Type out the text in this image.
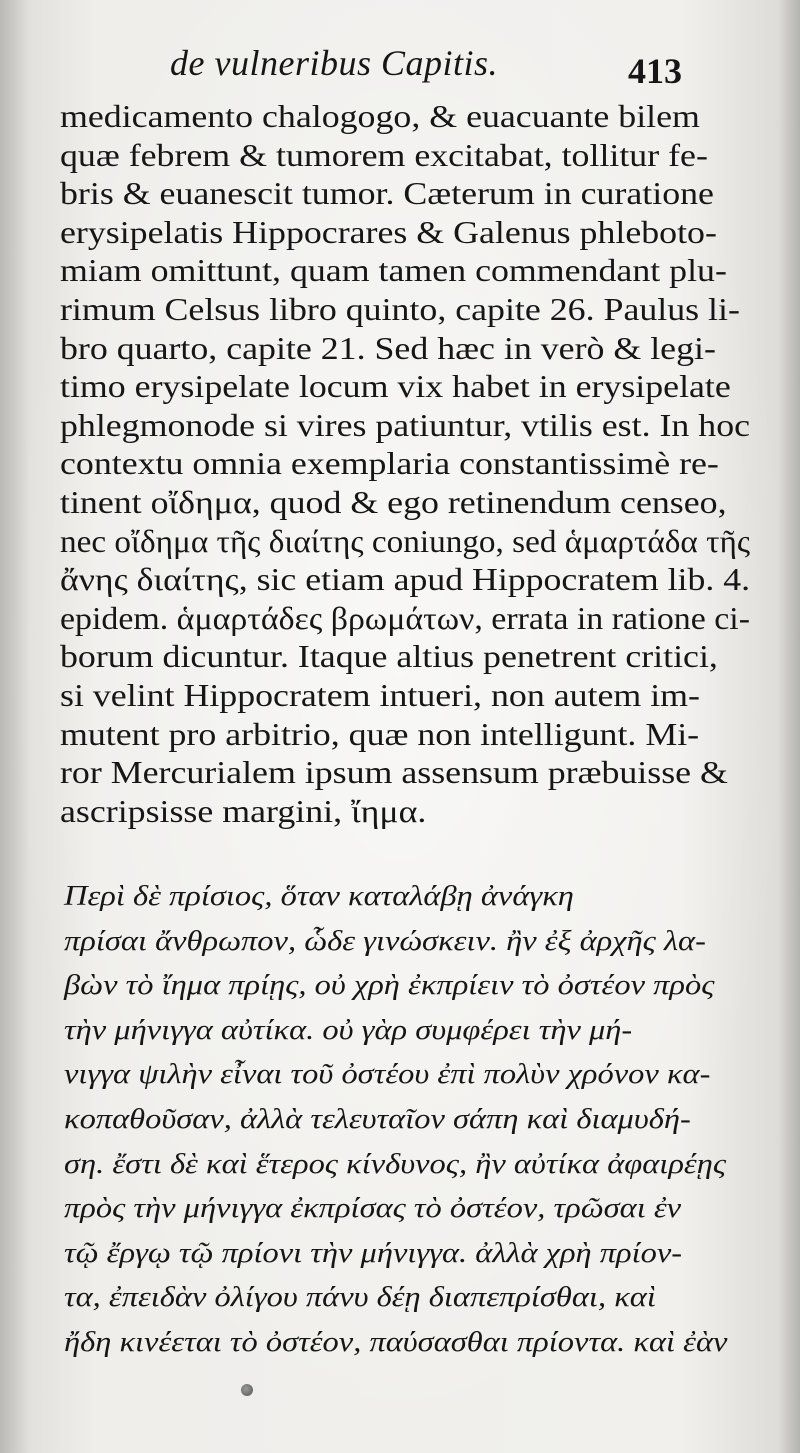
de vulneribus Capitis.	413
medicamento chalogogo, & euacuante bilem
quæ febrem & tumorem excitabat, tollitur fe-
bris & euanescit tumor. Cæterum in curatione
erysipelatis Hippocrares & Galenus phleboto-
miam omittunt, quam tamen commendant plu-
rimum Celsus libro quinto, capite 26. Paulus li-
bro quarto, capite 21. Sed hæc in verò & legi-
timo erysipelate locum vix habet in erysipelate
phlegmonode si vires patiuntur, vtilis est. In hoc
contextu omnia exemplaria constantissimè re-
tinent οἴδημα, quod & ego retinendum censeo,
nec οἴδημα τῆς διαίτης coniungo, sed ἁμαρτάδα τῆς
ἄνης διαίτης, sic etiam apud Hippocratem lib. 4.
epidem. ἁμαρτάδες βρωμάτων, errata in ratione ci-
borum dicuntur. Itaque altius penetrent critici,
si velint Hippocratem intueri, non autem im-
mutent pro arbitrio, quæ non intelligunt. Mi-
ror Mercurialem ipsum assensum præbuisse &
ascripsisse margini, ἴημα.
Περὶ δὲ πρίσιος, ὅταν καταλάβῃ ἀνάγκη
πρίσαι ἄνθρωπον, ὧδε γινώσκειν. ἢν ἐξ ἀρχῆς λα-
βὼν τὸ ἴημα πρίῃς, οὐ χρὴ ἐκπρίειν τὸ ὀστέον πρὸς
τὴν μήνιγγα αὐτίκα. οὐ γὰρ συμφέρει τὴν μή-
νιγγα ψιλὴν εἶναι τοῦ ὀστέου ἐπὶ πολὺν χρόνον κα-
κοπαθοῦσαν, ἀλλὰ τελευταῖον σάπη καὶ διαμυδή-
ση. ἔστι δὲ καὶ ἕτερος κίνδυνος, ἢν αὐτίκα ἀφαιρέῃς
πρὸς τὴν μήνιγγα ἐκπρίσας τὸ ὀστέον, τρῶσαι ἐν
τῷ ἔργῳ τῷ πρίονι τὴν μήνιγγα. ἀλλὰ χρὴ πρίον-
τα, ἐπειδὰν ὀλίγου πάνυ δέῃ διαπεπρίσθαι, καὶ
ἤδη κινέεται τὸ ὀστέον, παύσασθαι πρίοντα. καὶ ἐὰν
